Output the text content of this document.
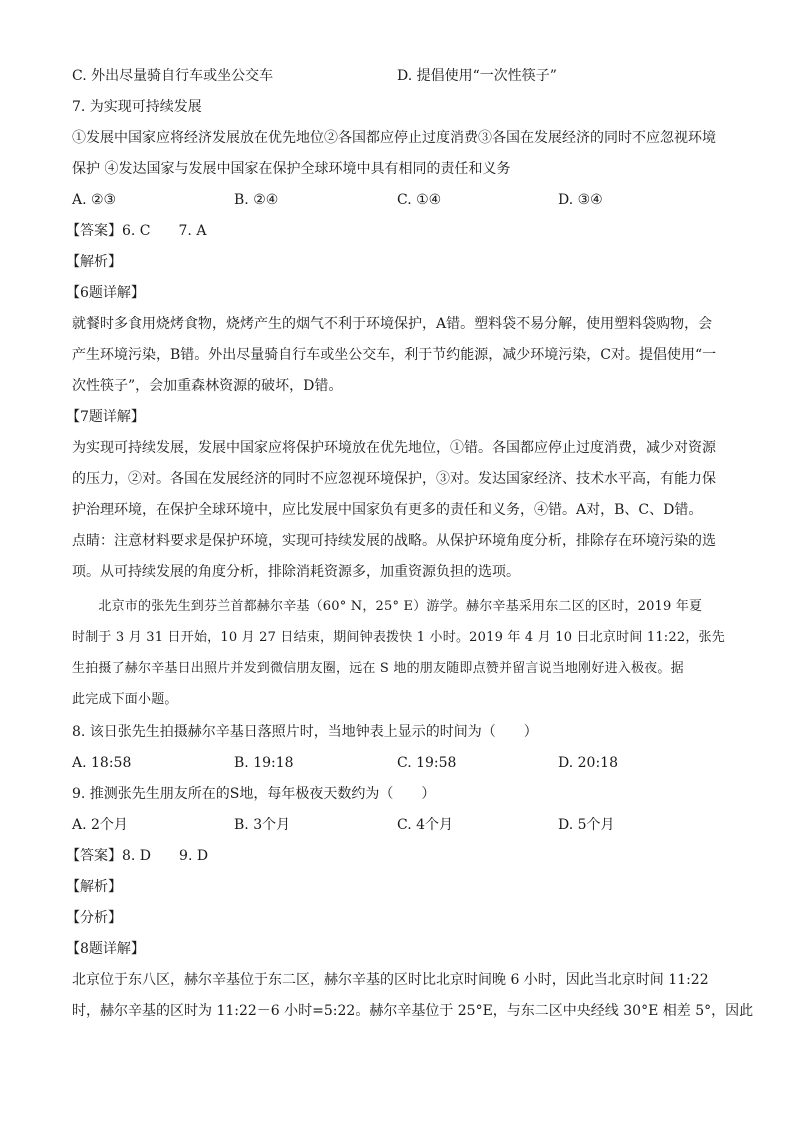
C. 外出尽量骑自行车或坐公交车	D. 提倡使用“一次性筷子”
7. 为实现可持续发展
①发展中国家应将经济发展放在优先地位②各国都应停止过度消费③各国在发展经济的同时不应忽视环境
保护 ④发达国家与发展中国家在保护全球环境中具有相同的责任和义务
A. ②③	B. ②④	C. ①④	D. ③④
【答案】6. C　　7. A
【解析】
【6题详解】
就餐时多食用烧烤食物，烧烤产生的烟气不利于环境保护，A错。塑料袋不易分解，使用塑料袋购物，会
产生环境污染，B错。外出尽量骑自行车或坐公交车，利于节约能源，减少环境污染，C对。提倡使用“一
次性筷子”，会加重森林资源的破坏，D错。
【7题详解】
为实现可持续发展，发展中国家应将保护环境放在优先地位，①错。各国都应停止过度消费，减少对资源
的压力，②对。各国在发展经济的同时不应忽视环境保护，③对。发达国家经济、技术水平高，有能力保
护治理环境，在保护全球环境中，应比发展中国家负有更多的责任和义务，④错。A对，B、C、D错。
点睛：注意材料要求是保护环境，实现可持续发展的战略。从保护环境角度分析，排除存在环境污染的选
项。从可持续发展的角度分析，排除消耗资源多，加重资源负担的选项。
　　北京市的张先生到芬兰首都赫尔辛基（60° N，25° E）游学。赫尔辛基采用东二区的区时，2019 年夏
时制于 3 月 31 日开始，10 月 27 日结束，期间钟表拨快 1 小时。2019 年 4 月 10 日北京时间 11:22，张先
生拍摄了赫尔辛基日出照片并发到微信朋友圈，远在 S 地的朋友随即点赞并留言说当地刚好进入极夜。据
此完成下面小题。
8. 该日张先生拍摄赫尔辛基日落照片时，当地钟表上显示的时间为（　　）
A. 18:58	B. 19:18	C. 19:58	D. 20:18
9. 推测张先生朋友所在的S地，每年极夜天数约为（　　）
A. 2个月	B. 3个月	C. 4个月	D. 5个月
【答案】8. D　　9. D
【解析】
【分析】
【8题详解】
北京位于东八区，赫尔辛基位于东二区，赫尔辛基的区时比北京时间晚 6 小时，因此当北京时间 11:22
时，赫尔辛基的区时为 11:22－6 小时=5:22。赫尔辛基位于 25°E，与东二区中央经线 30°E 相差 5°，因此
